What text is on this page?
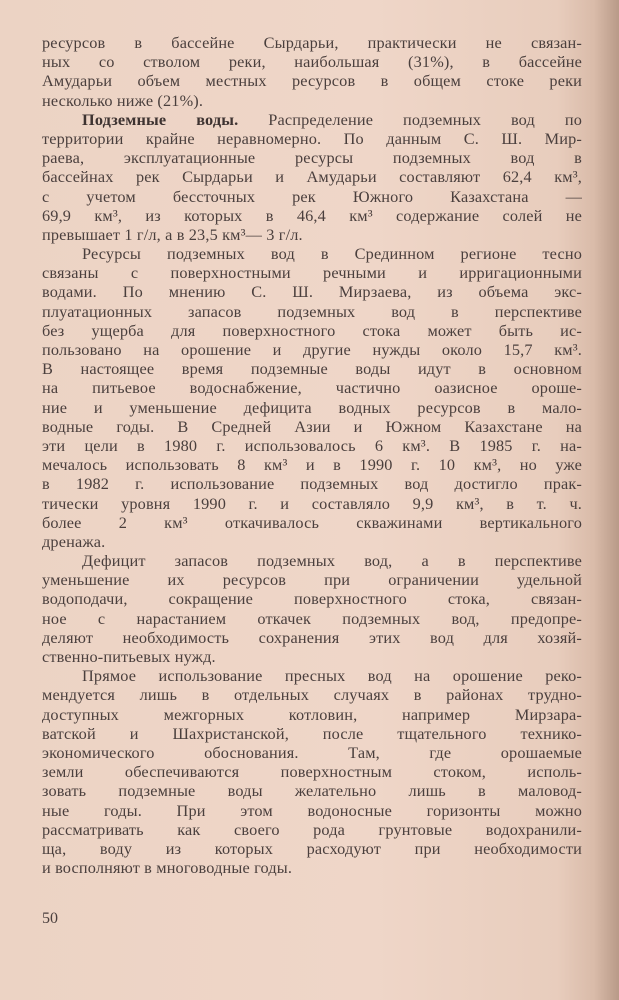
ресурсов в бассейне Сырдарьи, практически не связан-
ных со стволом реки, наибольшая (31%), в бассейне
Амударьи объем местных ресурсов в общем стоке реки
несколько ниже (21%).
Подземные воды. Распределение подземных вод по
территории крайне неравномерно. По данным С. Ш. Мир-
раева, эксплуатационные ресурсы подземных вод в
бассейнах рек Сырдарьи и Амударьи составляют 62,4 км³,
с учетом бессточных рек Южного Казахстана —
69,9 км³, из которых в 46,4 км³ содержание солей не
превышает 1 г/л, а в 23,5 км³— 3 г/л.
Ресурсы подземных вод в Срединном регионе тесно
связаны с поверхностными речными и ирригационными
водами. По мнению С. Ш. Мирзаева, из объема экс-
плуатационных запасов подземных вод в перспективе
без ущерба для поверхностного стока может быть ис-
пользовано на орошение и другие нужды около 15,7 км³.
В настоящее время подземные воды идут в основном
на питьевое водоснабжение, частично оазисное ороше-
ние и уменьшение дефицита водных ресурсов в мало-
водные годы. В Средней Азии и Южном Казахстане на
эти цели в 1980 г. использовалось 6 км³. В 1985 г. на-
мечалось использовать 8 км³ и в 1990 г. 10 км³, но уже
в 1982 г. использование подземных вод достигло прак-
тически уровня 1990 г. и составляло 9,9 км³, в т. ч.
более 2 км³ откачивалось скважинами вертикального
дренажа.
Дефицит запасов подземных вод, а в перспективе
уменьшение их ресурсов при ограничении удельной
водоподачи, сокращение поверхностного стока, связан-
ное с нарастанием откачек подземных вод, предопре-
деляют необходимость сохранения этих вод для хозяй-
ственно-питьевых нужд.
Прямое использование пресных вод на орошение реко-
мендуется лишь в отдельных случаях в районах трудно-
доступных межгорных котловин, например Мирзара-
ватской и Шахристанской, после тщательного технико-
экономического обоснования. Там, где орошаемые
земли обеспечиваются поверхностным стоком, исполь-
зовать подземные воды желательно лишь в маловод-
ные годы. При этом водоносные горизонты можно
рассматривать как своего рода грунтовые водохранили-
ща, воду из которых расходуют при необходимости
и восполняют в многоводные годы.
50
